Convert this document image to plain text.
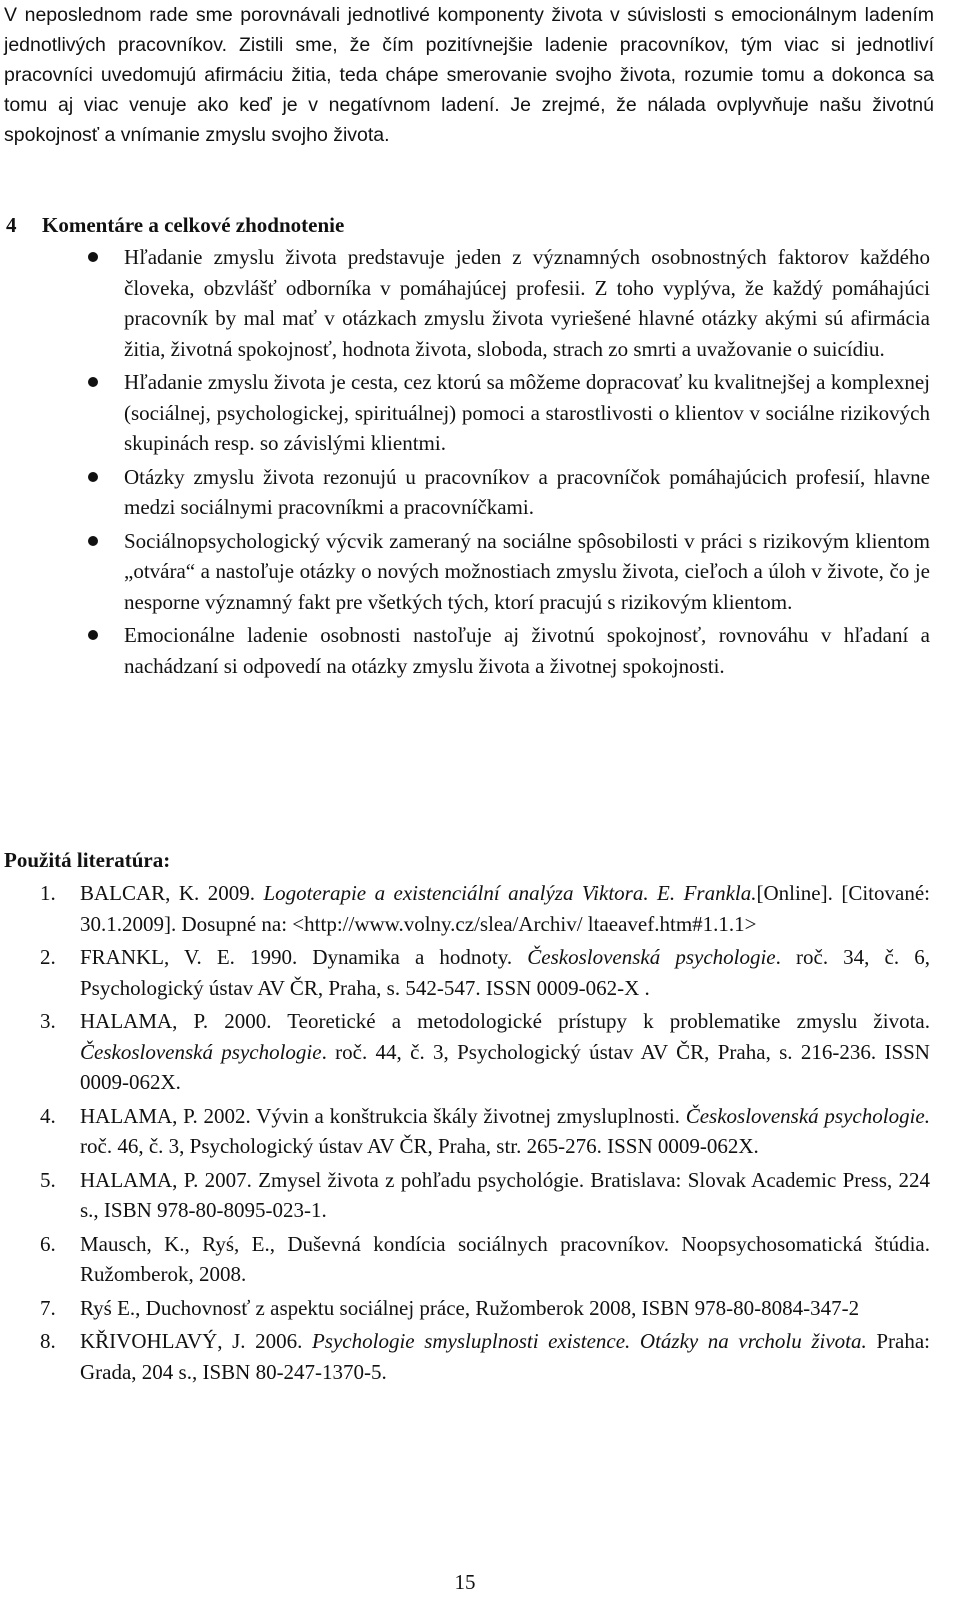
V neposlednom rade sme porovnávali jednotlivé komponenty života v súvislosti s emocionálnym ladením jednotlivých pracovníkov. Zistili sme, že čím pozitívnejšie ladenie pracovníkov, tým viac si jednotliví pracovníci uvedomujú afirmáciu žitia, teda chápe smerovanie svojho života, rozumie tomu a dokonca sa tomu aj viac venuje ako keď je v negatívnom ladení. Je zrejmé, že nálada ovplyvňuje našu životnú spokojnosť a vnímanie zmyslu svojho života.

4 Komentáre a celkové zhodnotenie
Hľadanie zmyslu života predstavuje jeden z významných osobnostných faktorov každého človeka, obzvlášť odborníka v pomáhajúcej profesii. Z toho vyplýva, že každý pomáhajúci pracovník by mal mať v otázkach zmyslu života vyriešené hlavné otázky akými sú afirmácia žitia, životná spokojnosť, hodnota života, sloboda, strach zo smrti a uvažovanie o suicídiu.
Hľadanie zmyslu života je cesta, cez ktorú sa môžeme dopracovať ku kvalitnejšej a komplexnej (sociálnej, psychologickej, spirituálnej) pomoci a starostlivosti o klientov v sociálne rizikových skupinách resp. so závislými klientmi.
Otázky zmyslu života rezonujú u pracovníkov a pracovníčok pomáhajúcich profesií, hlavne medzi sociálnymi pracovníkmi a pracovníčkami.
Sociálnopsychologický výcvik zameraný na sociálne spôsobilosti v práci s rizikovým klientom „otvára“ a nastoľuje otázky o nových možnostiach zmyslu života, cieľoch a úloh v živote, čo je nesporne významný fakt pre všetkých tých, ktorí pracujú s rizikovým klientom.
Emocionálne ladenie osobnosti nastoľuje aj životnú spokojnosť, rovnováhu v hľadaní a nachádzaní si odpovedí na otázky zmyslu života a životnej spokojnosti.
Použitá literatúra:
1. BALCAR, K. 2009. Logoterapie a existenciální analýza Viktora. E. Frankla.[Online]. [Citované: 30.1.2009]. Dosupné na: <http://www.volny.cz/slea/Archiv/ ltaeavef.htm#1.1.1>
2. FRANKL, V. E. 1990. Dynamika a hodnoty. Československá psychologie. roč. 34, č. 6, Psychologický ústav AV ČR, Praha, s. 542-547. ISSN 0009-062-X .
3. HALAMA, P. 2000. Teoretické a metodologické prístupy k problematike zmyslu života. Československá psychologie. roč. 44, č. 3, Psychologický ústav AV ČR, Praha, s. 216-236. ISSN 0009-062X.
4. HALAMA, P. 2002. Vývin a konštrukcia škály životnej zmysluplnosti. Československá psychologie. roč. 46, č. 3, Psychologický ústav AV ČR, Praha, str. 265-276. ISSN 0009-062X.
5. HALAMA, P. 2007. Zmysel života z pohľadu psychológie. Bratislava: Slovak Academic Press, 224 s., ISBN 978-80-8095-023-1.
6. Mausch, K., Ryś, E., Duševná kondícia sociálnych pracovníkov. Noopsychosomatická štúdia. Ružomberok, 2008.
7. Ryś E., Duchovnosť z aspektu sociálnej práce, Ružomberok 2008, ISBN 978-80-8084-347-2
8. KŘIVOHLAVÝ, J. 2006. Psychologie smysluplnosti existence. Otázky na vrcholu života. Praha: Grada, 204 s., ISBN 80-247-1370-5.
15
